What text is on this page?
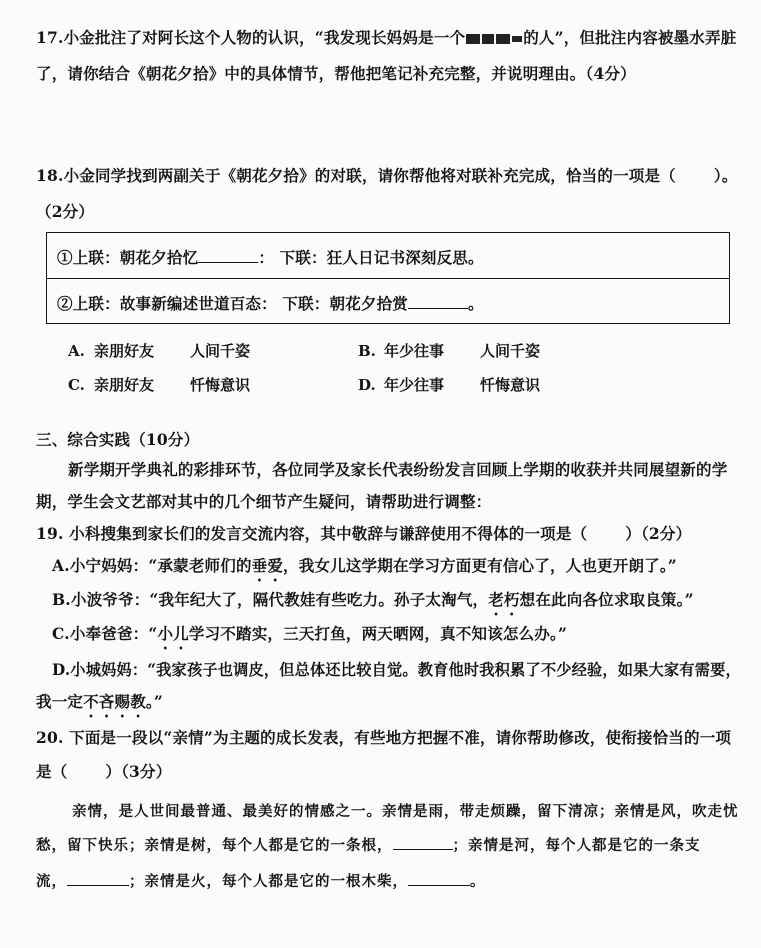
17.小金批注了对阿长这个人物的认识，“我发现长妈妈是一个	的人”，但批注内容被墨水弄脏
了，请你结合《朝花夕拾》中的具体情节，帮他把笔记补充完整，并说明理由。（4分）
18.小金同学找到两副关于《朝花夕拾》的对联，请你帮他将对联补充完成，恰当的一项是（ ）。
（2分）
①上联：朝花夕拾忆	： 下联：狂人日记书深刻反思。
②上联：故事新编述世道百态： 下联：朝花夕拾赏	。
A. 亲朋好友 人间千姿	B. 年少往事 人间千姿
C. 亲朋好友 忏悔意识	D. 年少往事 忏悔意识
三、综合实践（10分）
新学期开学典礼的彩排环节，各位同学及家长代表纷纷发言回顾上学期的收获并共同展望新的学
期，学生会文艺部对其中的几个细节产生疑问，请帮助进行调整：
19. 小科搜集到家长们的发言交流内容，其中敬辞与谦辞使用不得体的一项是（ ）（2分）
A.小宁妈妈：“承蒙老师们的垂爱，我女儿这学期在学习方面更有信心了，人也更开朗了。”
B.小波爷爷：“我年纪大了，隔代教娃有些吃力。孙子太淘气，老朽想在此向各位求取良策。”
C.小奉爸爸：“小儿学习不踏实，三天打鱼，两天晒网，真不知该怎么办。”
D.小城妈妈：“我家孩子也调皮，但总体还比较自觉。教育他时我积累了不少经验，如果大家有需要，
我一定不吝赐教。”
20. 下面是一段以“亲情”为主题的成长发表，有些地方把握不准，请你帮助修改，使衔接恰当的一项
是（ ）（3分）
亲情，是人世间最普通、最美好的情感之一。亲情是雨，带走烦躁，留下清凉；亲情是风，吹走忧
愁，留下快乐；亲情是树，每个人都是它的一条根，	；亲情是河，每个人都是它的一条支
流，	；亲情是火，每个人都是它的一根木柴，	。
